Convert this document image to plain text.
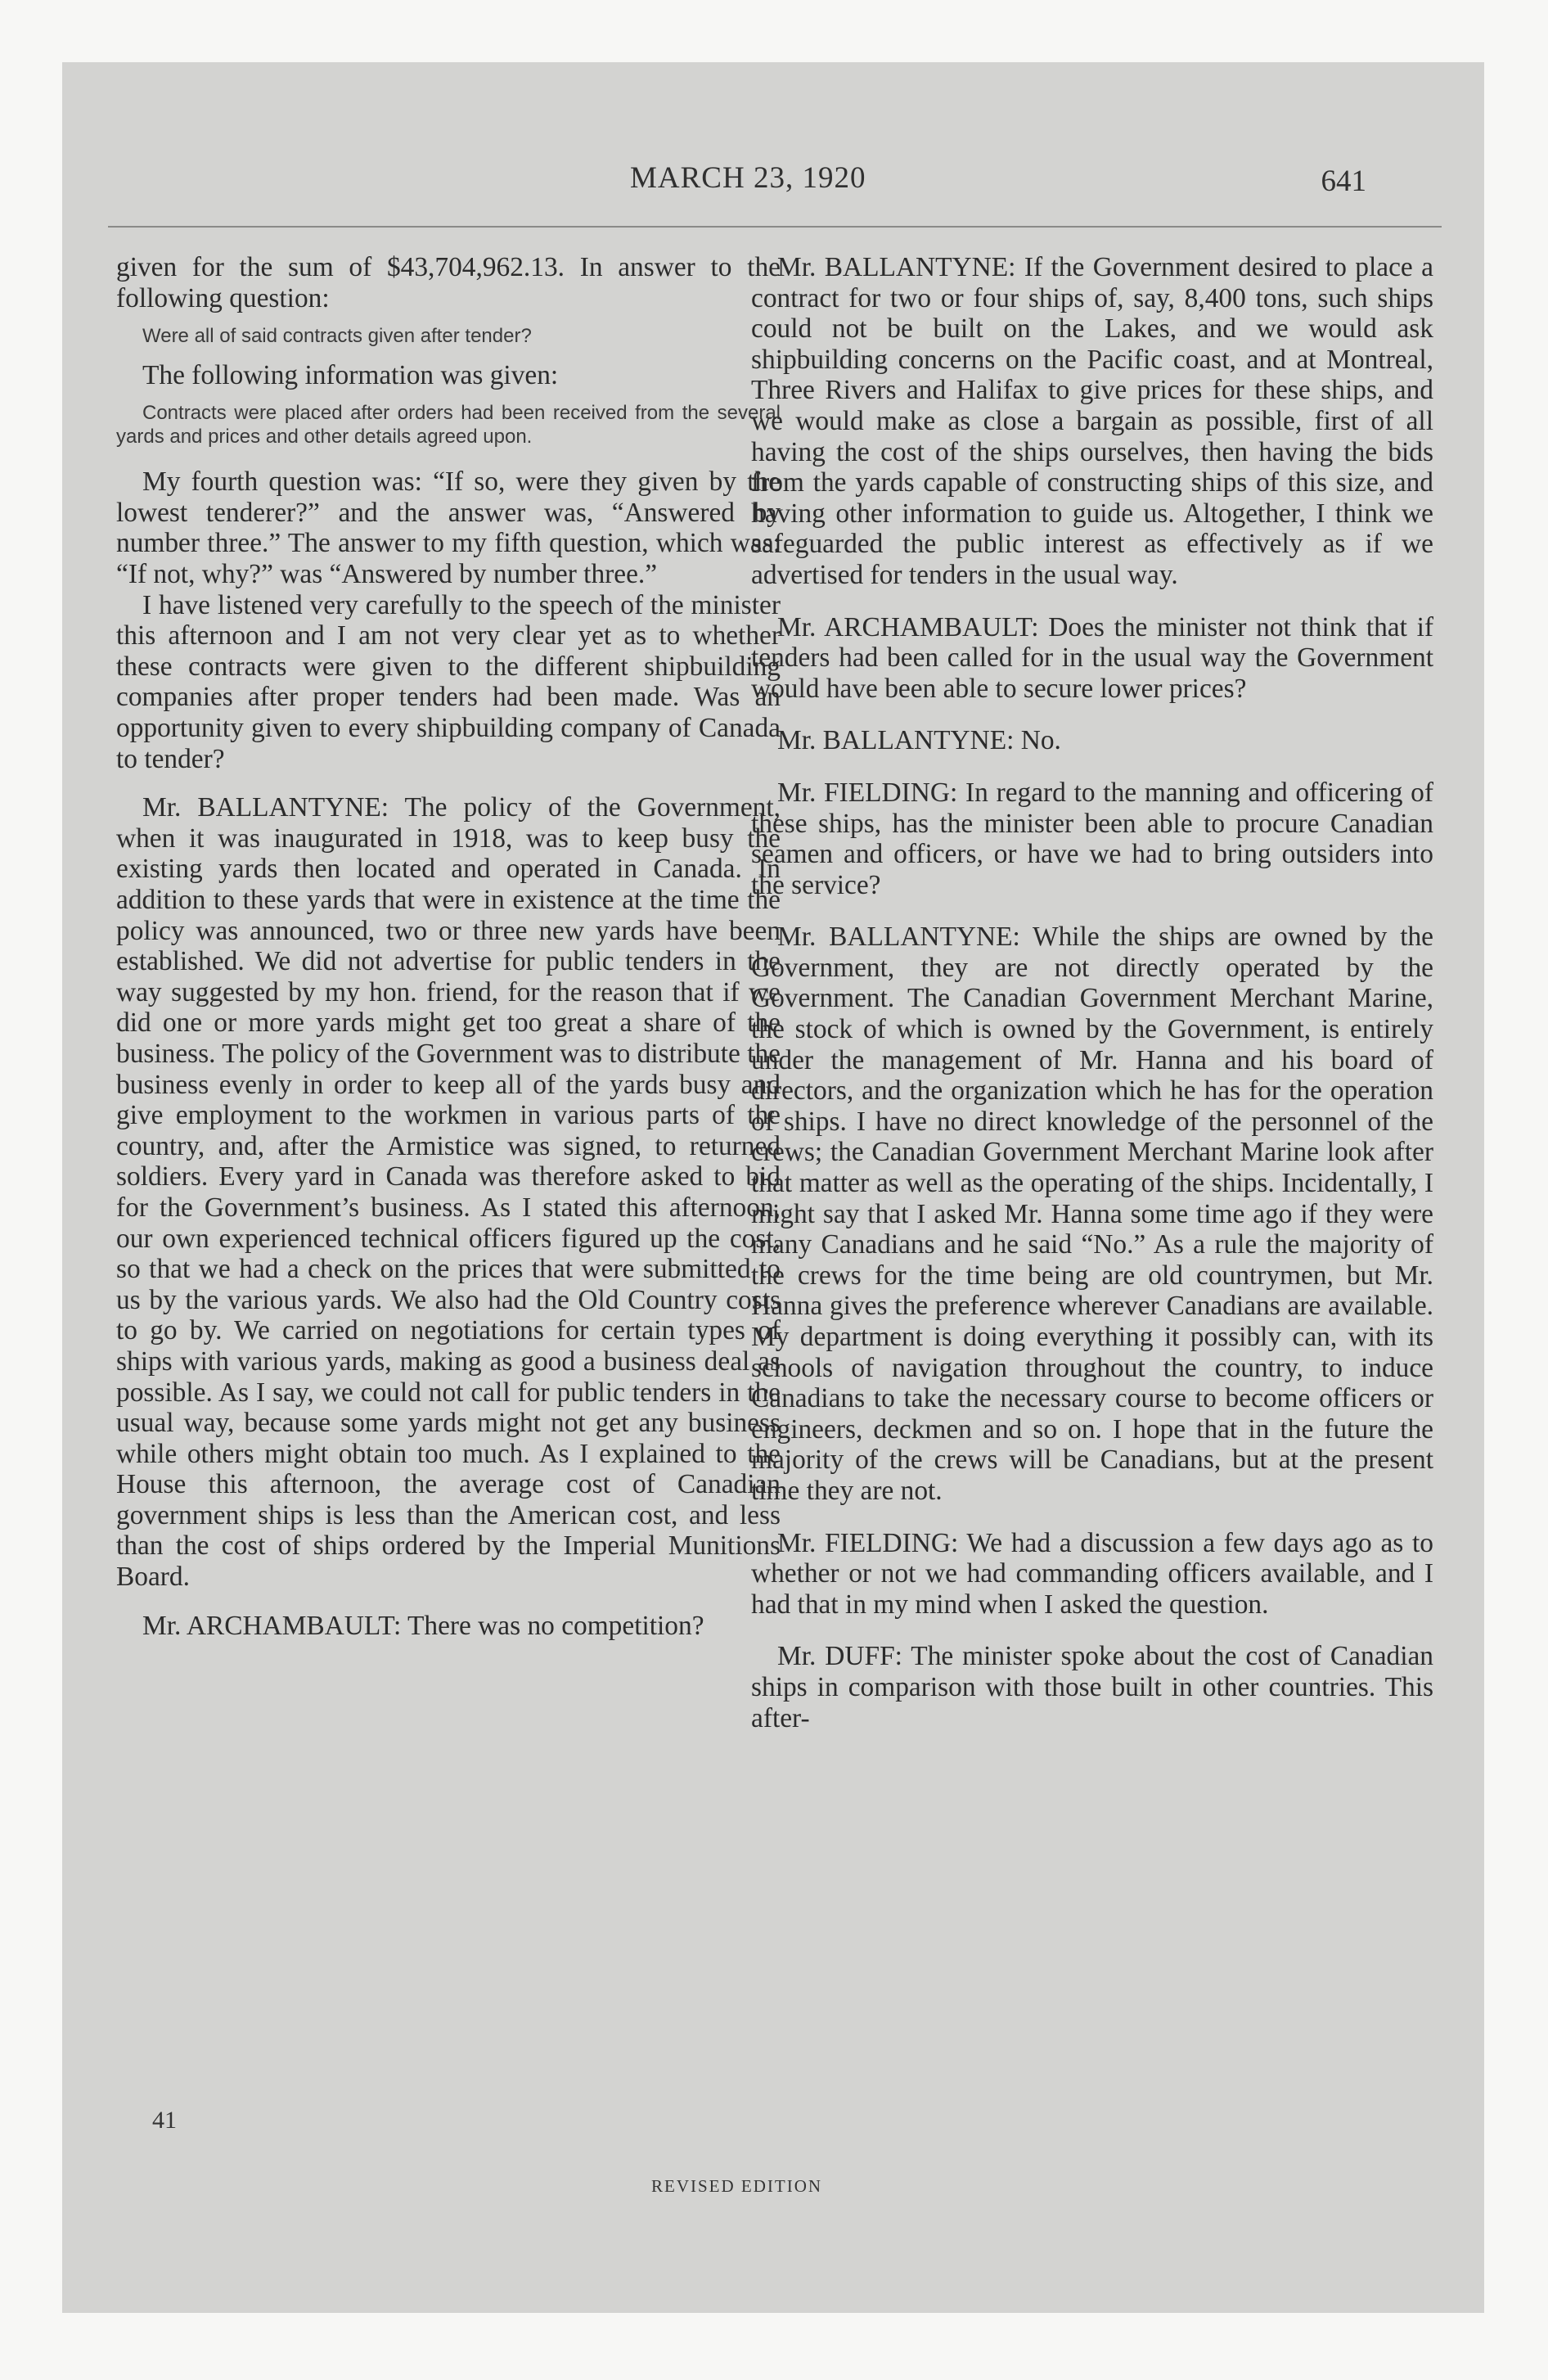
MARCH 23, 1920	641

given for the sum of $43,704,962.13. In answer to the following question:

Were all of said contracts given after tender?

The following information was given:

Contracts were placed after orders had been received from the several yards and prices and other details agreed upon.

My fourth question was: “If so, were they given by the lowest tenderer?” and the answer was, “Answered by number three.” The answer to my fifth question, which was: “If not, why?” was “Answered by number three.”

I have listened very carefully to the speech of the minister this afternoon and I am not very clear yet as to whether these contracts were given to the different shipbuilding companies after proper tenders had been made. Was an opportunity given to every shipbuilding company of Canada to tender?

Mr. BALLANTYNE: The policy of the Government, when it was inaugurated in 1918, was to keep busy the existing yards then located and operated in Canada. In addition to these yards that were in existence at the time the policy was announced, two or three new yards have been established. We did not advertise for public tenders in the way suggested by my hon. friend, for the reason that if we did one or more yards might get too great a share of the business. The policy of the Government was to distribute the business evenly in order to keep all of the yards busy and give employment to the workmen in various parts of the country, and, after the Armistice was signed, to returned soldiers. Every yard in Canada was therefore asked to bid for the Government’s business. As I stated this afternoon, our own experienced technical officers figured up the cost, so that we had a check on the prices that were submitted to us by the various yards. We also had the Old Country costs to go by. We carried on negotiations for certain types of ships with various yards, making as good a business deal as possible. As I say, we could not call for public tenders in the usual way, because some yards might not get any business while others might obtain too much. As I explained to the House this afternoon, the average cost of Canadian government ships is less than the American cost, and less than the cost of ships ordered by the Imperial Munitions Board.

Mr. ARCHAMBAULT: There was no competition?

Mr. BALLANTYNE: If the Government desired to place a contract for two or four ships of, say, 8,400 tons, such ships could not be built on the Lakes, and we would ask shipbuilding concerns on the Pacific coast, and at Montreal, Three Rivers and Halifax to give prices for these ships, and we would make as close a bargain as possible, first of all having the cost of the ships ourselves, then having the bids from the yards capable of constructing ships of this size, and having other information to guide us. Altogether, I think we safeguarded the public interest as effectively as if we advertised for tenders in the usual way.

Mr. ARCHAMBAULT: Does the minister not think that if tenders had been called for in the usual way the Government would have been able to secure lower prices?

Mr. BALLANTYNE: No.

Mr. FIELDING: In regard to the manning and officering of these ships, has the minister been able to procure Canadian seamen and officers, or have we had to bring outsiders into the service?

Mr. BALLANTYNE: While the ships are owned by the Government, they are not directly operated by the Government. The Canadian Government Merchant Marine, the stock of which is owned by the Government, is entirely under the management of Mr. Hanna and his board of directors, and the organization which he has for the operation of ships. I have no direct knowledge of the personnel of the crews; the Canadian Government Merchant Marine look after that matter as well as the operating of the ships. Incidentally, I might say that I asked Mr. Hanna some time ago if they were many Canadians and he said “No.” As a rule the majority of the crews for the time being are old countrymen, but Mr. Hanna gives the preference wherever Canadians are available. My department is doing everything it possibly can, with its schools of navigation throughout the country, to induce Canadians to take the necessary course to become officers or engineers, deckmen and so on. I hope that in the future the majority of the crews will be Canadians, but at the present time they are not.

Mr. FIELDING: We had a discussion a few days ago as to whether or not we had commanding officers available, and I had that in my mind when I asked the question.

Mr. DUFF: The minister spoke about the cost of Canadian ships in comparison with those built in other countries. This after-

41
REVISED EDITION
